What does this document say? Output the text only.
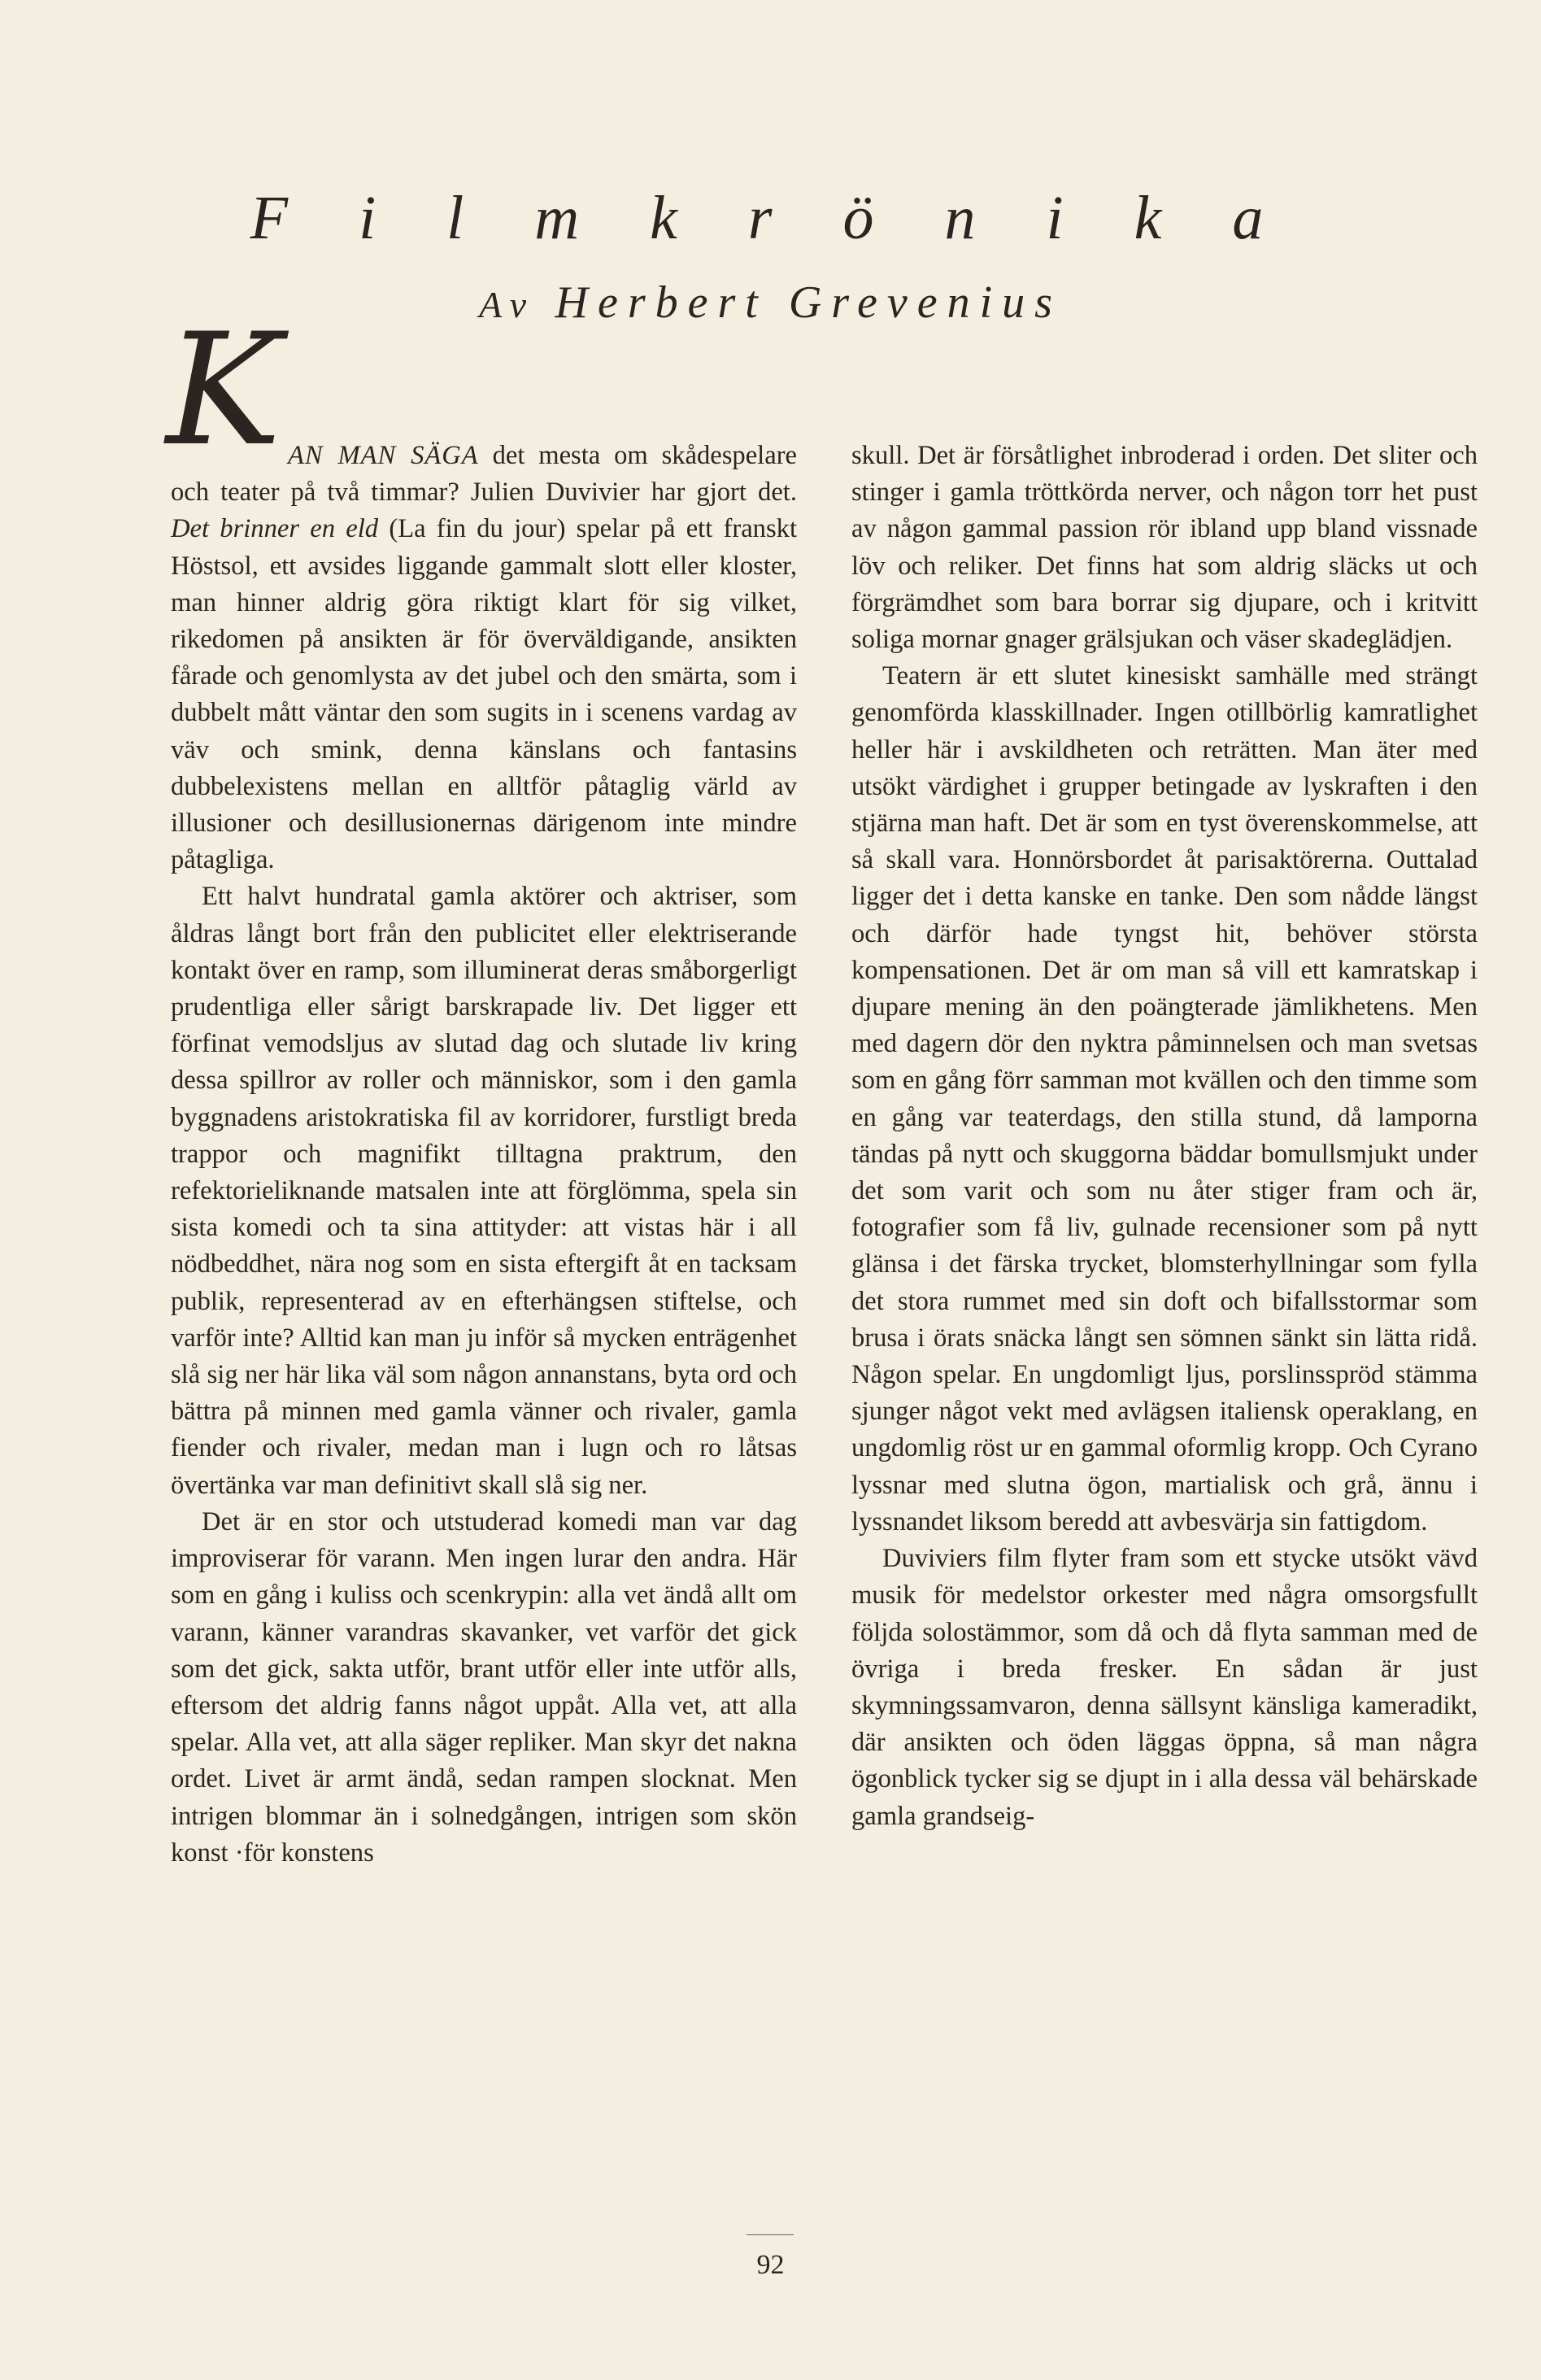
F i l m k r ö n i k a
Av Herbert Grevenius

KAN MAN SÄGA det mesta om skådespelare och teater på två timmar? Julien Duvivier har gjort det. Det brinner en eld (La fin du jour) spelar på ett franskt Höstsol, ett avsides liggande gammalt slott eller kloster, man hinner aldrig göra riktigt klart för sig vilket, rikedomen på ansikten är för överväldigande, ansikten fårade och genomlysta av det jubel och den smärta, som i dubbelt mått väntar den som sugits in i scenens vardag av väv och smink, denna känslans och fantasins dubbelexistens mellan en alltför påtaglig värld av illusioner och desillusionernas därigenom inte mindre påtagliga.

Ett halvt hundratal gamla aktörer och aktriser, som åldras långt bort från den publicitet eller elektriserande kontakt över en ramp, som illuminerat deras småborgerligt prudentliga eller sårigt barskrapade liv. Det ligger ett förfinat vemodsljus av slutad dag och slutade liv kring dessa spillror av roller och människor, som i den gamla byggnadens aristokratiska fil av korridorer, furstligt breda trappor och magnifikt tilltagna praktrum, den refektorieliknande matsalen inte att förglömma, spela sin sista komedi och ta sina attityder: att vistas här i all nödbeddhet, nära nog som en sista eftergift åt en tacksam publik, representerad av en efterhängsen stiftelse, och varför inte? Alltid kan man ju inför så mycken enträgenhet slå sig ner här lika väl som någon annanstans, byta ord och bättra på minnen med gamla vänner och rivaler, gamla fiender och rivaler, medan man i lugn och ro låtsas övertänka var man definitivt skall slå sig ner.

Det är en stor och utstuderad komedi man var dag improviserar för varann. Men ingen lurar den andra. Här som en gång i kuliss och scenkrypin: alla vet ändå allt om varann, känner varandras skavanker, vet varför det gick som det gick, sakta utför, brant utför eller inte utför alls, eftersom det aldrig fanns något uppåt. Alla vet, att alla spelar. Alla vet, att alla säger repliker. Man skyr det nakna ordet. Livet är armt ändå, sedan rampen slocknat. Men intrigen blommar än i solnedgången, intrigen som skön konst ·för konstens

skull. Det är försåtlighet inbroderad i orden. Det sliter och stinger i gamla tröttkörda nerver, och någon torr het pust av någon gammal passion rör ibland upp bland vissnade löv och reliker. Det finns hat som aldrig släcks ut och förgrämdhet som bara borrar sig djupare, och i kritvitt soliga mornar gnager grälsjukan och väser skadeglädjen.

Teatern är ett slutet kinesiskt samhälle med strängt genomförda klasskillnader. Ingen otillbörlig kamratlighet heller här i avskildheten och reträtten. Man äter med utsökt värdighet i grupper betingade av lyskraften i den stjärna man haft. Det är som en tyst överenskommelse, att så skall vara. Honnörsbordet åt parisaktörerna. Outtalad ligger det i detta kanske en tanke. Den som nådde längst och därför hade tyngst hit, behöver största kompensationen. Det är om man så vill ett kamratskap i djupare mening än den poängterade jämlikhetens. Men med dagern dör den nyktra påminnelsen och man svetsas som en gång förr samman mot kvällen och den timme som en gång var teaterdags, den stilla stund, då lamporna tändas på nytt och skuggorna bäddar bomullsmjukt under det som varit och som nu åter stiger fram och är, fotografier som få liv, gulnade recensioner som på nytt glänsa i det färska trycket, blomsterhyllningar som fylla det stora rummet med sin doft och bifallsstormar som brusa i örats snäcka långt sen sömnen sänkt sin lätta ridå. Någon spelar. En ungdomligt ljus, porslinsspröd stämma sjunger något vekt med avlägsen italiensk operaklang, en ungdomlig röst ur en gammal oformlig kropp. Och Cyrano lyssnar med slutna ögon, martialisk och grå, ännu i lyssnandet liksom beredd att avbesvärja sin fattigdom.

Duviviers film flyter fram som ett stycke utsökt vävd musik för medelstor orkester med några omsorgsfullt följda solostämmor, som då och då flyta samman med de övriga i breda fresker. En sådan är just skymningssamvaron, denna sällsynt känsliga kameradikt, där ansikten och öden läggas öppna, så man några ögonblick tycker sig se djupt in i alla dessa väl behärskade gamla grandseig-

92
